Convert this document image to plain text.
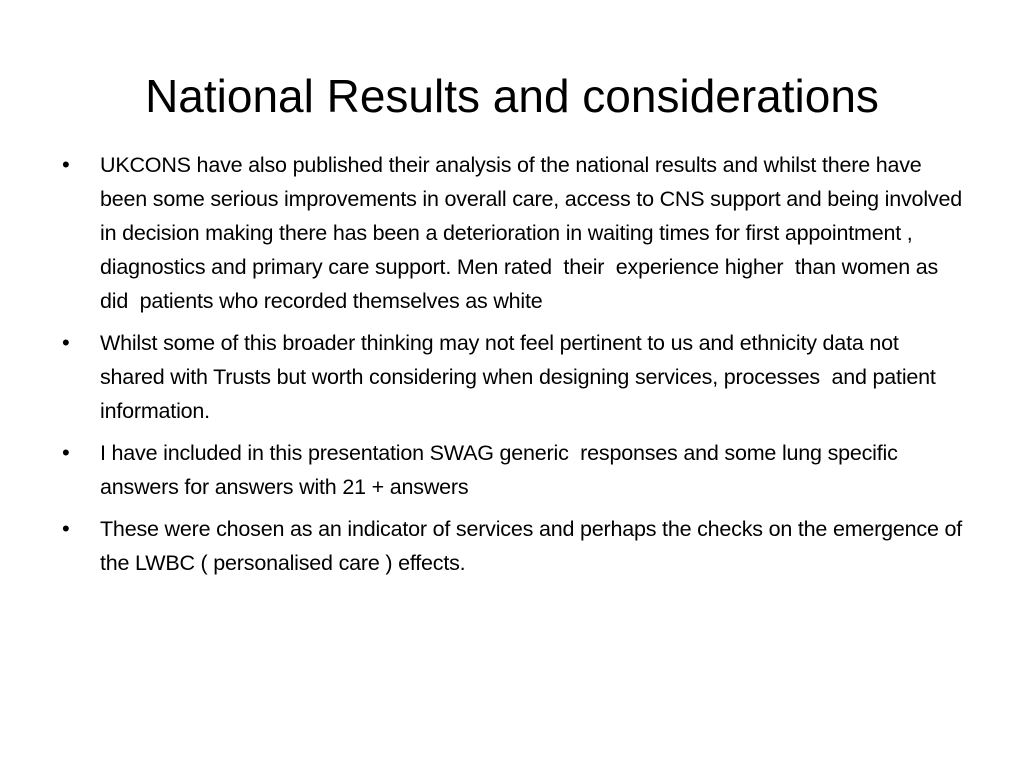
National Results and considerations
• UKCONS have also published their analysis of the national results and whilst there have been some serious improvements in overall care, access to CNS support and being involved in decision making there has been a deterioration in waiting times for first appointment , diagnostics and primary care support. Men rated  their  experience higher  than women as did  patients who recorded themselves as white
• Whilst some of this broader thinking may not feel pertinent to us and ethnicity data not shared with Trusts but worth considering when designing services, processes  and patient information.
• I have included in this presentation SWAG generic  responses and some lung specific answers for answers with 21 + answers
• These were chosen as an indicator of services and perhaps the checks on the emergence of the LWBC ( personalised care ) effects.
